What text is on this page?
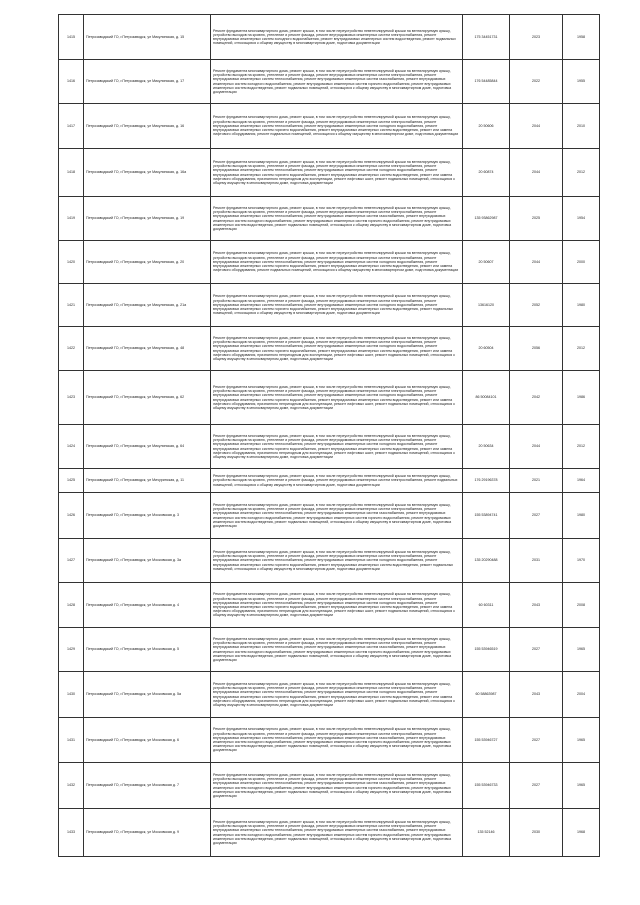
1415	Петрозаводский ГО, г.Петрозаводск, ул Микулинская, д. 15	Ремонт фундамента многоквартирного дома, ремонт крыши, в том числе переустройство невентилируемой крыши на вентилируемую крышу, устройство выходов на кровлю, утепление и ремонт фасада, ремонт внутридомовых инженерных систем электроснабжения, ремонт внутридомовых инженерных систем холодного водоснабжения, ремонт внутридомовых инженерных систем водоотведения, ремонт подвальных помещений, относящихся к общему имуществу в многоквартирном доме, подготовка документации	175 34451731	2023	1958
1416	Петрозаводский ГО, г.Петрозаводск, ул Микулинская, д. 17	Ремонт фундамента многоквартирного дома, ремонт крыши, в том числе переустройство невентилируемой крыши на вентилируемую крышу, устройство выходов на кровлю, утепление и ремонт фасада, ремонт внутридомовых инженерных систем электроснабжения, ремонт внутридомовых инженерных систем теплоснабжения, ремонт внутридомовых инженерных систем газоснабжения, ремонт внутридомовых инженерных систем холодного водоснабжения, ремонт внутридомовых инженерных систем горячего водоснабжения, ремонт внутридомовых инженерных систем водоотведения, ремонт подвальных помещений, относящихся к общему имуществу в многоквартирном доме, подготовка документации	176 54485844	2022	1955
1417	Петрозаводский ГО, г.Петрозаводск, ул Микулинская, д. 16	Ремонт фундамента многоквартирного дома, ремонт крыши, в том числе переустройство невентилируемой крыши на вентилируемую крышу, устройство выходов на кровлю, утепление и ремонт фасада, ремонт внутридомовых инженерных систем электроснабжения, ремонт внутридомовых инженерных систем теплоснабжения, ремонт внутридомовых инженерных систем холодного водоснабжения, ремонт внутридомовых инженерных систем горячего водоснабжения, ремонт внутридомовых инженерных систем водоотведения, ремонт или замена лифтового оборудования, ремонт подвальных помещений, относящихся к общему имуществу в многоквартирном доме, подготовка документации	20 50606	2044	2010
1418	Петрозаводский ГО, г.Петрозаводск, ул Микулинская, д. 16а	Ремонт фундамента многоквартирного дома, ремонт крыши, в том числе переустройство невентилируемой крыши на вентилируемую крышу, устройство выходов на кровлю, утепление и ремонт фасада, ремонт внутридомовых инженерных систем электроснабжения, ремонт внутридомовых инженерных систем теплоснабжения, ремонт внутридомовых инженерных систем холодного водоснабжения, ремонт внутридомовых инженерных систем горячего водоснабжения, ремонт внутридомовых инженерных систем водоотведения, ремонт или замена лифтового оборудования, признанного непригодным для эксплуатации, ремонт лифтовых шахт, ремонт подвальных помещений, относящихся к общему имуществу в многоквартирном доме, подготовка документации	20 60874	2044	2012
1419	Петрозаводский ГО, г.Петрозаводск, ул Микулинская, д. 19	Ремонт фундамента многоквартирного дома, ремонт крыши, в том числе переустройство невентилируемой крыши на вентилируемую крышу, устройство выходов на кровлю, утепление и ремонт фасада, ремонт внутридомовых инженерных систем электроснабжения, ремонт внутридомовых инженерных систем теплоснабжения, ремонт внутридомовых инженерных систем газоснабжения, ремонт внутридомовых инженерных систем холодного водоснабжения, ремонт внутридомовых инженерных систем горячего водоснабжения, ремонт внутридомовых инженерных систем водоотведения, ремонт подвальных помещений, относящихся к общему имуществу в многоквартирном доме, подготовка документации	135 93862987	2025	1954
1420	Петрозаводский ГО, г.Петрозаводск, ул Микулинская, д. 20	Ремонт фундамента многоквартирного дома, ремонт крыши, в том числе переустройство невентилируемой крыши на вентилируемую крышу, устройство выходов на кровлю, утепление и ремонт фасада, ремонт внутридомовых инженерных систем электроснабжения, ремонт внутридомовых инженерных систем теплоснабжения, ремонт внутридомовых инженерных систем холодного водоснабжения, ремонт внутридомовых инженерных систем горячего водоснабжения, ремонт внутридомовых инженерных систем водоотведения, ремонт или замена лифтового оборудования, ремонт подвальных помещений, относящихся к общему имуществу в многоквартирном доме, подготовка документации	20 50607	2044	2000
1421	Петрозаводский ГО, г.Петрозаводск, ул Микулинская, д. 21а	Ремонт фундамента многоквартирного дома, ремонт крыши, в том числе переустройство невентилируемой крыши на вентилируемую крышу, устройство выходов на кровлю, утепление и ремонт фасада, ремонт внутридомовых инженерных систем электроснабжения, ремонт внутридомовых инженерных систем теплоснабжения, ремонт внутридомовых инженерных систем холодного водоснабжения, ремонт внутридомовых инженерных систем горячего водоснабжения, ремонт внутридомовых инженерных систем водоотведения, ремонт подвальных помещений, относящихся к общему имуществу в многоквартирном доме, подготовка документации	13616120	2052	1980
1422	Петрозаводский ГО, г.Петрозаводск, ул Микулинская, д. 48	Ремонт фундамента многоквартирного дома, ремонт крыши, в том числе переустройство невентилируемой крыши на вентилируемую крышу, устройство выходов на кровлю, утепление и ремонт фасада, ремонт внутридомовых инженерных систем электроснабжения, ремонт внутридомовых инженерных систем теплоснабжения, ремонт внутридомовых инженерных систем холодного водоснабжения, ремонт внутридомовых инженерных систем горячего водоснабжения, ремонт внутридомовых инженерных систем водоотведения, ремонт или замена лифтового оборудования, признанного непригодным для эксплуатации, ремонт лифтовых шахт, ремонт подвальных помещений, относящихся к общему имуществу в многоквартирном доме, подготовка документации	20 60504	2056	2012
1423	Петрозаводский ГО, г.Петрозаводск, ул Микулинская, д. 62	Ремонт фундамента многоквартирного дома, ремонт крыши, в том числе переустройство невентилируемой крыши на вентилируемую крышу, устройство выходов на кровлю, утепление и ремонт фасада, ремонт внутридомовых инженерных систем электроснабжения, ремонт внутридомовых инженерных систем теплоснабжения, ремонт внутридомовых инженерных систем холодного водоснабжения, ремонт внутридомовых инженерных систем горячего водоснабжения, ремонт внутридомовых инженерных систем водоотведения, ремонт или замена лифтового оборудования, признанного непригодным для эксплуатации, ремонт лифтовых шахт, ремонт подвальных помещений, относящихся к общему имуществу в многоквартирном доме, подготовка документации	86 50084101	2042	1986
1424	Петрозаводский ГО, г.Петрозаводск, ул Микулинская, д. 64	Ремонт фундамента многоквартирного дома, ремонт крыши, в том числе переустройство невентилируемой крыши на вентилируемую крышу, устройство выходов на кровлю, утепление и ремонт фасада, ремонт внутридомовых инженерных систем электроснабжения, ремонт внутридомовых инженерных систем теплоснабжения, ремонт внутридомовых инженерных систем холодного водоснабжения, ремонт внутридомовых инженерных систем горячего водоснабжения, ремонт внутридомовых инженерных систем водоотведения, ремонт или замена лифтового оборудования, признанного непригодным для эксплуатации, ремонт лифтовых шахт, ремонт подвальных помещений, относящихся к общему имуществу в многоквартирном доме, подготовка документации	20 50634	2044	2012
1425	Петрозаводский ГО, г.Петрозаводск, ул Мичуринская, д. 11	Ремонт фундамента многоквартирного дома, ремонт крыши, в том числе переустройство невентилируемой крыши на вентилируемую крышу, устройство выходов на кровлю, утепление и ремонт фасада, ремонт внутридомовых инженерных систем электроснабжения, ремонт подвальных помещений, относящихся к общему имуществу в многоквартирном доме, подготовка документации	176 29196378	2021	1964
1426	Петрозаводский ГО, г.Петрозаводск, ул Московская д. 3	Ремонт фундамента многоквартирного дома, ремонт крыши, в том числе переустройство невентилируемой крыши на вентилируемую крышу, устройство выходов на кровлю, утепление и ремонт фасада, ремонт внутридомовых инженерных систем электроснабжения, ремонт внутридомовых инженерных систем теплоснабжения, ремонт внутридомовых инженерных систем газоснабжения, ремонт внутридомовых инженерных систем холодного водоснабжения, ремонт внутридомовых инженерных систем горячего водоснабжения, ремонт внутридомовых инженерных систем водоотведения, ремонт подвальных помещений, относящихся к общему имуществу в многоквартирном доме, подготовка документации	155 53894741	2027	1980
1427	Петрозаводский ГО, г.Петрозаводск, ул Московская д. 3а	Ремонт фундамента многоквартирного дома, ремонт крыши, в том числе переустройство невентилируемой крыши на вентилируемую крышу, устройство выходов на кровлю, утепление и ремонт фасада, ремонт внутридомовых инженерных систем электроснабжения, ремонт внутридомовых инженерных систем теплоснабжения, ремонт внутридомовых инженерных систем холодного водоснабжения, ремонт внутридомовых инженерных систем горячего водоснабжения, ремонт внутридомовых инженерных систем водоотведения, ремонт подвальных помещений, относящихся к общему имуществу в многоквартирном доме, подготовка документации	135 20290488	2031	1970
1428	Петрозаводский ГО, г.Петрозаводск, ул Московская д. 4	Ремонт фундамента многоквартирного дома, ремонт крыши, в том числе переустройство невентилируемой крыши на вентилируемую крышу, устройство выходов на кровлю, утепление и ремонт фасада, ремонт внутридомовых инженерных систем электроснабжения, ремонт внутридомовых инженерных систем теплоснабжения, ремонт внутридомовых инженерных систем холодного водоснабжения, ремонт внутридомовых инженерных систем горячего водоснабжения, ремонт внутридомовых инженерных систем водоотведения, ремонт или замена лифтового оборудования, признанного непригодным для эксплуатации, ремонт лифтовых шахт, ремонт подвальных помещений, относящихся к общему имуществу в многоквартирном доме, подготовка документации	60 60311	2043	2008
1429	Петрозаводский ГО, г.Петрозаводск, ул Московская д. 5	Ремонт фундамента многоквартирного дома, ремонт крыши, в том числе переустройство невентилируемой крыши на вентилируемую крышу, устройство выходов на кровлю, утепление и ремонт фасада, ремонт внутридомовых инженерных систем электроснабжения, ремонт внутридомовых инженерных систем теплоснабжения, ремонт внутридомовых инженерных систем газоснабжения, ремонт внутридомовых инженерных систем холодного водоснабжения, ремонт внутридомовых инженерных систем горячего водоснабжения, ремонт внутридомовых инженерных систем водоотведения, ремонт подвальных помещений, относящихся к общему имуществу в многоквартирном доме, подготовка документации	155 53946519	2027	1965
1430	Петрозаводский ГО, г.Петрозаводск, ул Московская д. 5а	Ремонт фундамента многоквартирного дома, ремонт крыши, в том числе переустройство невентилируемой крыши на вентилируемую крышу, устройство выходов на кровлю, утепление и ремонт фасада, ремонт внутридомовых инженерных систем электроснабжения, ремонт внутридомовых инженерных систем теплоснабжения, ремонт внутридомовых инженерных систем холодного водоснабжения, ремонт внутридомовых инженерных систем горячего водоснабжения, ремонт внутридомовых инженерных систем водоотведения, ремонт или замена лифтового оборудования, признанного непригодным для эксплуатации, ремонт лифтовых шахт, ремонт подвальных помещений, относящихся к общему имуществу в многоквартирном доме, подготовка документации	60 58863987	2043	2004
1431	Петрозаводский ГО, г.Петрозаводск, ул Московская д. 6	Ремонт фундамента многоквартирного дома, ремонт крыши, в том числе переустройство невентилируемой крыши на вентилируемую крышу, устройство выходов на кровлю, утепление и ремонт фасада, ремонт внутридомовых инженерных систем электроснабжения, ремонт внутридомовых инженерных систем теплоснабжения, ремонт внутридомовых инженерных систем газоснабжения, ремонт внутридомовых инженерных систем холодного водоснабжения, ремонт внутридомовых инженерных систем горячего водоснабжения, ремонт внутридомовых инженерных систем водоотведения, ремонт подвальных помещений, относящихся к общему имуществу в многоквартирном доме, подготовка документации	155 53946727	2027	1965
1432	Петрозаводский ГО, г.Петрозаводск, ул Московская д. 7	Ремонт фундамента многоквартирного дома, ремонт крыши, в том числе переустройство невентилируемой крыши на вентилируемую крышу, устройство выходов на кровлю, утепление и ремонт фасада, ремонт внутридомовых инженерных систем электроснабжения, ремонт внутридомовых инженерных систем теплоснабжения, ремонт внутридомовых инженерных систем газоснабжения, ремонт внутридомовых инженерных систем холодного водоснабжения, ремонт внутридомовых инженерных систем горячего водоснабжения, ремонт внутридомовых инженерных систем водоотведения, ремонт подвальных помещений, относящихся к общему имуществу в многоквартирном доме, подготовка документации	155 53946733	2027	1965
1433	Петрозаводский ГО, г.Петрозаводск, ул Московская д. 9	Ремонт фундамента многоквартирного дома, ремонт крыши, в том числе переустройство невентилируемой крыши на вентилируемую крышу, устройство выходов на кровлю, утепление и ремонт фасада, ремонт внутридомовых инженерных систем электроснабжения, ремонт внутридомовых инженерных систем теплоснабжения, ремонт внутридомовых инженерных систем газоснабжения, ремонт внутридомовых инженерных систем холодного водоснабжения, ремонт внутридомовых инженерных систем горячего водоснабжения, ремонт внутридомовых инженерных систем водоотведения, ремонт подвальных помещений, относящихся к общему имуществу в многоквартирном доме, подготовка документации	135 52146	2030	1968
